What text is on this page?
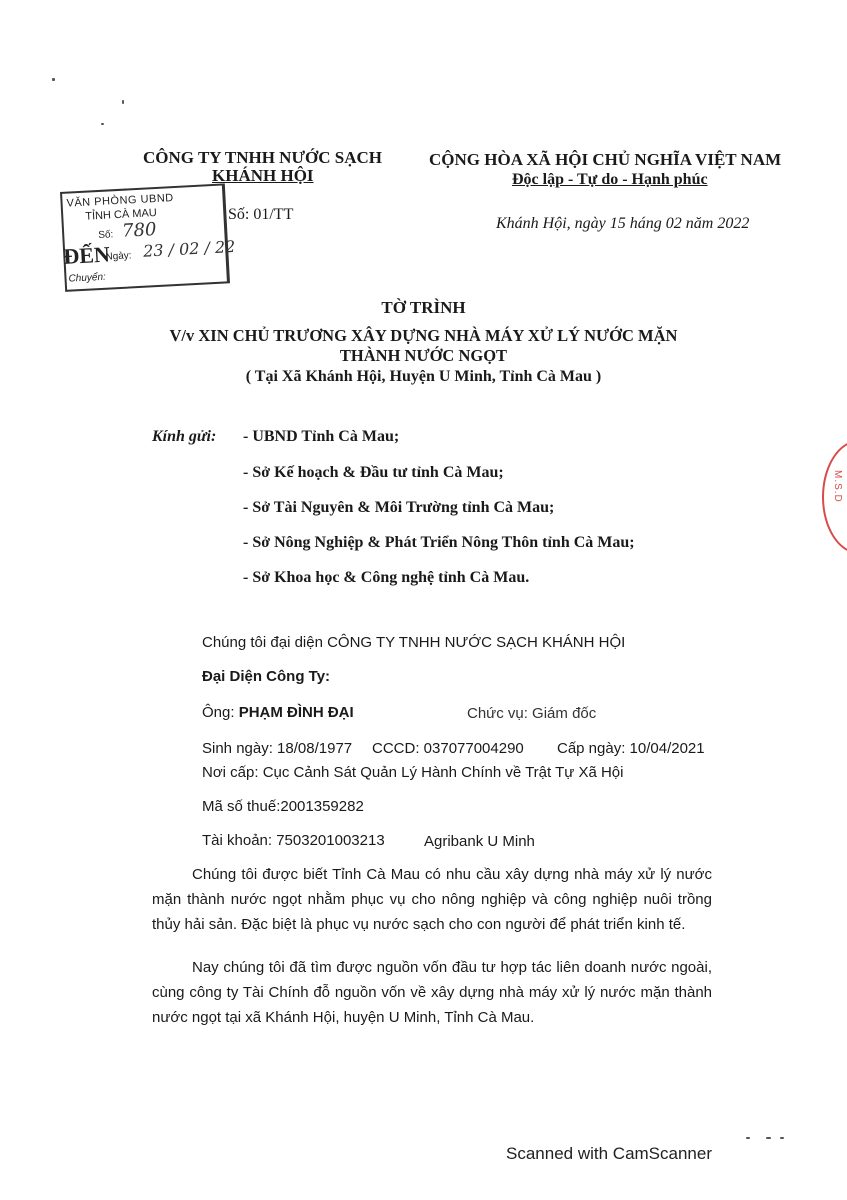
CÔNG TY TNHH NƯỚC SẠCH
KHÁNH HỘI
Số: 01/TT
CỘNG HÒA XÃ HỘI CHỦ NGHĨA VIỆT NAM
Độc lập - Tự do - Hạnh phúc
Khánh Hội, ngày 15 háng 02 năm 2022
VĂN PHÒNG UBND
TỈNH CÀ MAU
Số: 780
ĐẾN
Ngày: 23 / 02 / 22
Chuyển:
TỜ TRÌNH
V/v XIN CHỦ TRƯƠNG XÂY DỰNG NHÀ MÁY XỬ LÝ NƯỚC MẶN
THÀNH NƯỚC NGỌT
( Tại Xã Khánh Hội, Huyện U Minh, Tỉnh Cà Mau )
Kính gửi: - UBND Tỉnh Cà Mau;
- Sở Kế hoạch & Đầu tư tỉnh Cà Mau;
- Sở Tài Nguyên & Môi Trường tỉnh Cà Mau;
- Sở Nông Nghiệp & Phát Triển Nông Thôn tỉnh Cà Mau;
- Sở Khoa học & Công nghệ tỉnh Cà Mau.
Chúng tôi đại diện CÔNG TY TNHH NƯỚC SẠCH KHÁNH HỘI
Đại Diện Công Ty:
Ông: PHẠM ĐÌNH ĐẠI	Chức vụ: Giám đốc
Sinh ngày: 18/08/1977 CCCD: 037077004290 Cấp ngày: 10/04/2021
Nơi cấp: Cục Cảnh Sát Quản Lý Hành Chính về Trật Tự Xã Hội
Mã số thuế:2001359282
Tài khoản: 7503201003213	Agribank U Minh

Chúng tôi được biết Tỉnh Cà Mau có nhu cầu xây dựng nhà máy xử lý nước mặn thành nước ngọt nhằm phục vụ cho nông nghiệp và công nghiệp nuôi trồng thủy hải sản. Đặc biệt là phục vụ nước sạch cho con người để phát triển kinh tế.

Nay chúng tôi đã tìm được nguồn vốn đầu tư hợp tác liên doanh nước ngoài, cùng công ty Tài Chính đỗ nguồn vốn về xây dựng nhà máy xử lý nước mặn thành nước ngọt tại xã Khánh Hội, huyện U Minh, Tỉnh Cà Mau.

M.S.D
Scanned with CamScanner
